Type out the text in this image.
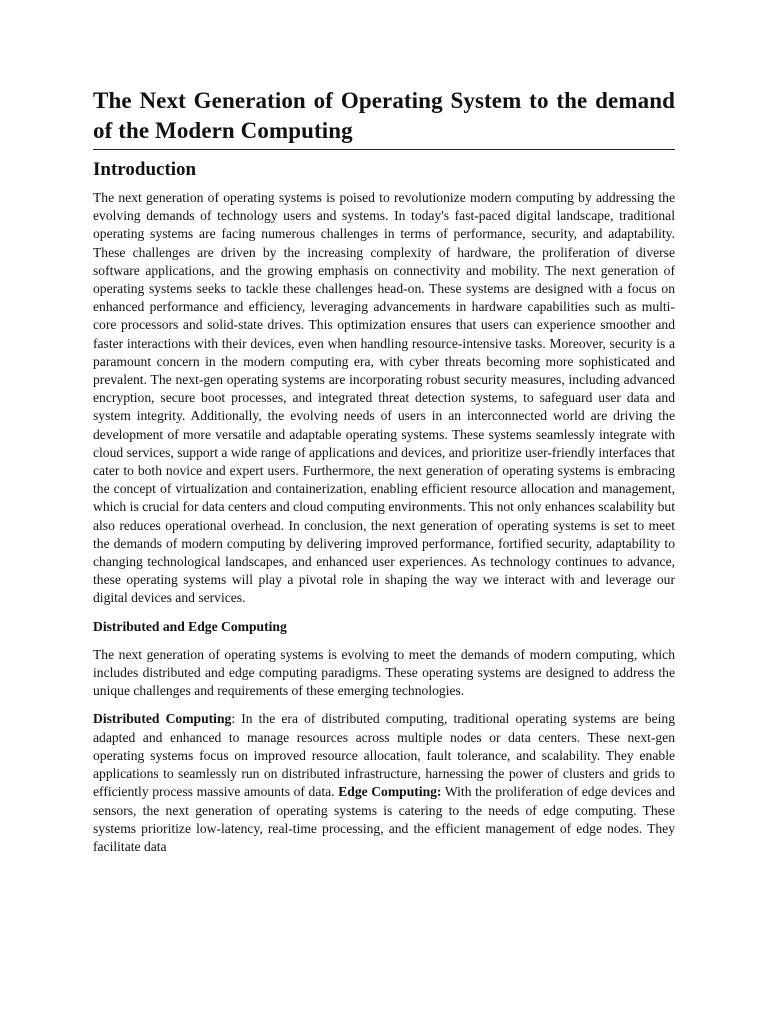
The Next Generation of Operating System to the demand of the Modern Computing
Introduction

The next generation of operating systems is poised to revolutionize modern computing by addressing the evolving demands of technology users and systems. In today's fast-paced digital landscape, traditional operating systems are facing numerous challenges in terms of performance, security, and adaptability. These challenges are driven by the increasing complexity of hardware, the proliferation of diverse software applications, and the growing emphasis on connectivity and mobility. The next generation of operating systems seeks to tackle these challenges head-on. These systems are designed with a focus on enhanced performance and efficiency, leveraging advancements in hardware capabilities such as multi-core processors and solid-state drives. This optimization ensures that users can experience smoother and faster interactions with their devices, even when handling resource-intensive tasks. Moreover, security is a paramount concern in the modern computing era, with cyber threats becoming more sophisticated and prevalent. The next-gen operating systems are incorporating robust security measures, including advanced encryption, secure boot processes, and integrated threat detection systems, to safeguard user data and system integrity. Additionally, the evolving needs of users in an interconnected world are driving the development of more versatile and adaptable operating systems. These systems seamlessly integrate with cloud services, support a wide range of applications and devices, and prioritize user-friendly interfaces that cater to both novice and expert users. Furthermore, the next generation of operating systems is embracing the concept of virtualization and containerization, enabling efficient resource allocation and management, which is crucial for data centers and cloud computing environments. This not only enhances scalability but also reduces operational overhead. In conclusion, the next generation of operating systems is set to meet the demands of modern computing by delivering improved performance, fortified security, adaptability to changing technological landscapes, and enhanced user experiences. As technology continues to advance, these operating systems will play a pivotal role in shaping the way we interact with and leverage our digital devices and services.

Distributed and Edge Computing

The next generation of operating systems is evolving to meet the demands of modern computing, which includes distributed and edge computing paradigms. These operating systems are designed to address the unique challenges and requirements of these emerging technologies.

Distributed Computing: In the era of distributed computing, traditional operating systems are being adapted and enhanced to manage resources across multiple nodes or data centers. These next-gen operating systems focus on improved resource allocation, fault tolerance, and scalability. They enable applications to seamlessly run on distributed infrastructure, harnessing the power of clusters and grids to efficiently process massive amounts of data. Edge Computing: With the proliferation of edge devices and sensors, the next generation of operating systems is catering to the needs of edge computing. These systems prioritize low-latency, real-time processing, and the efficient management of edge nodes. They facilitate data
